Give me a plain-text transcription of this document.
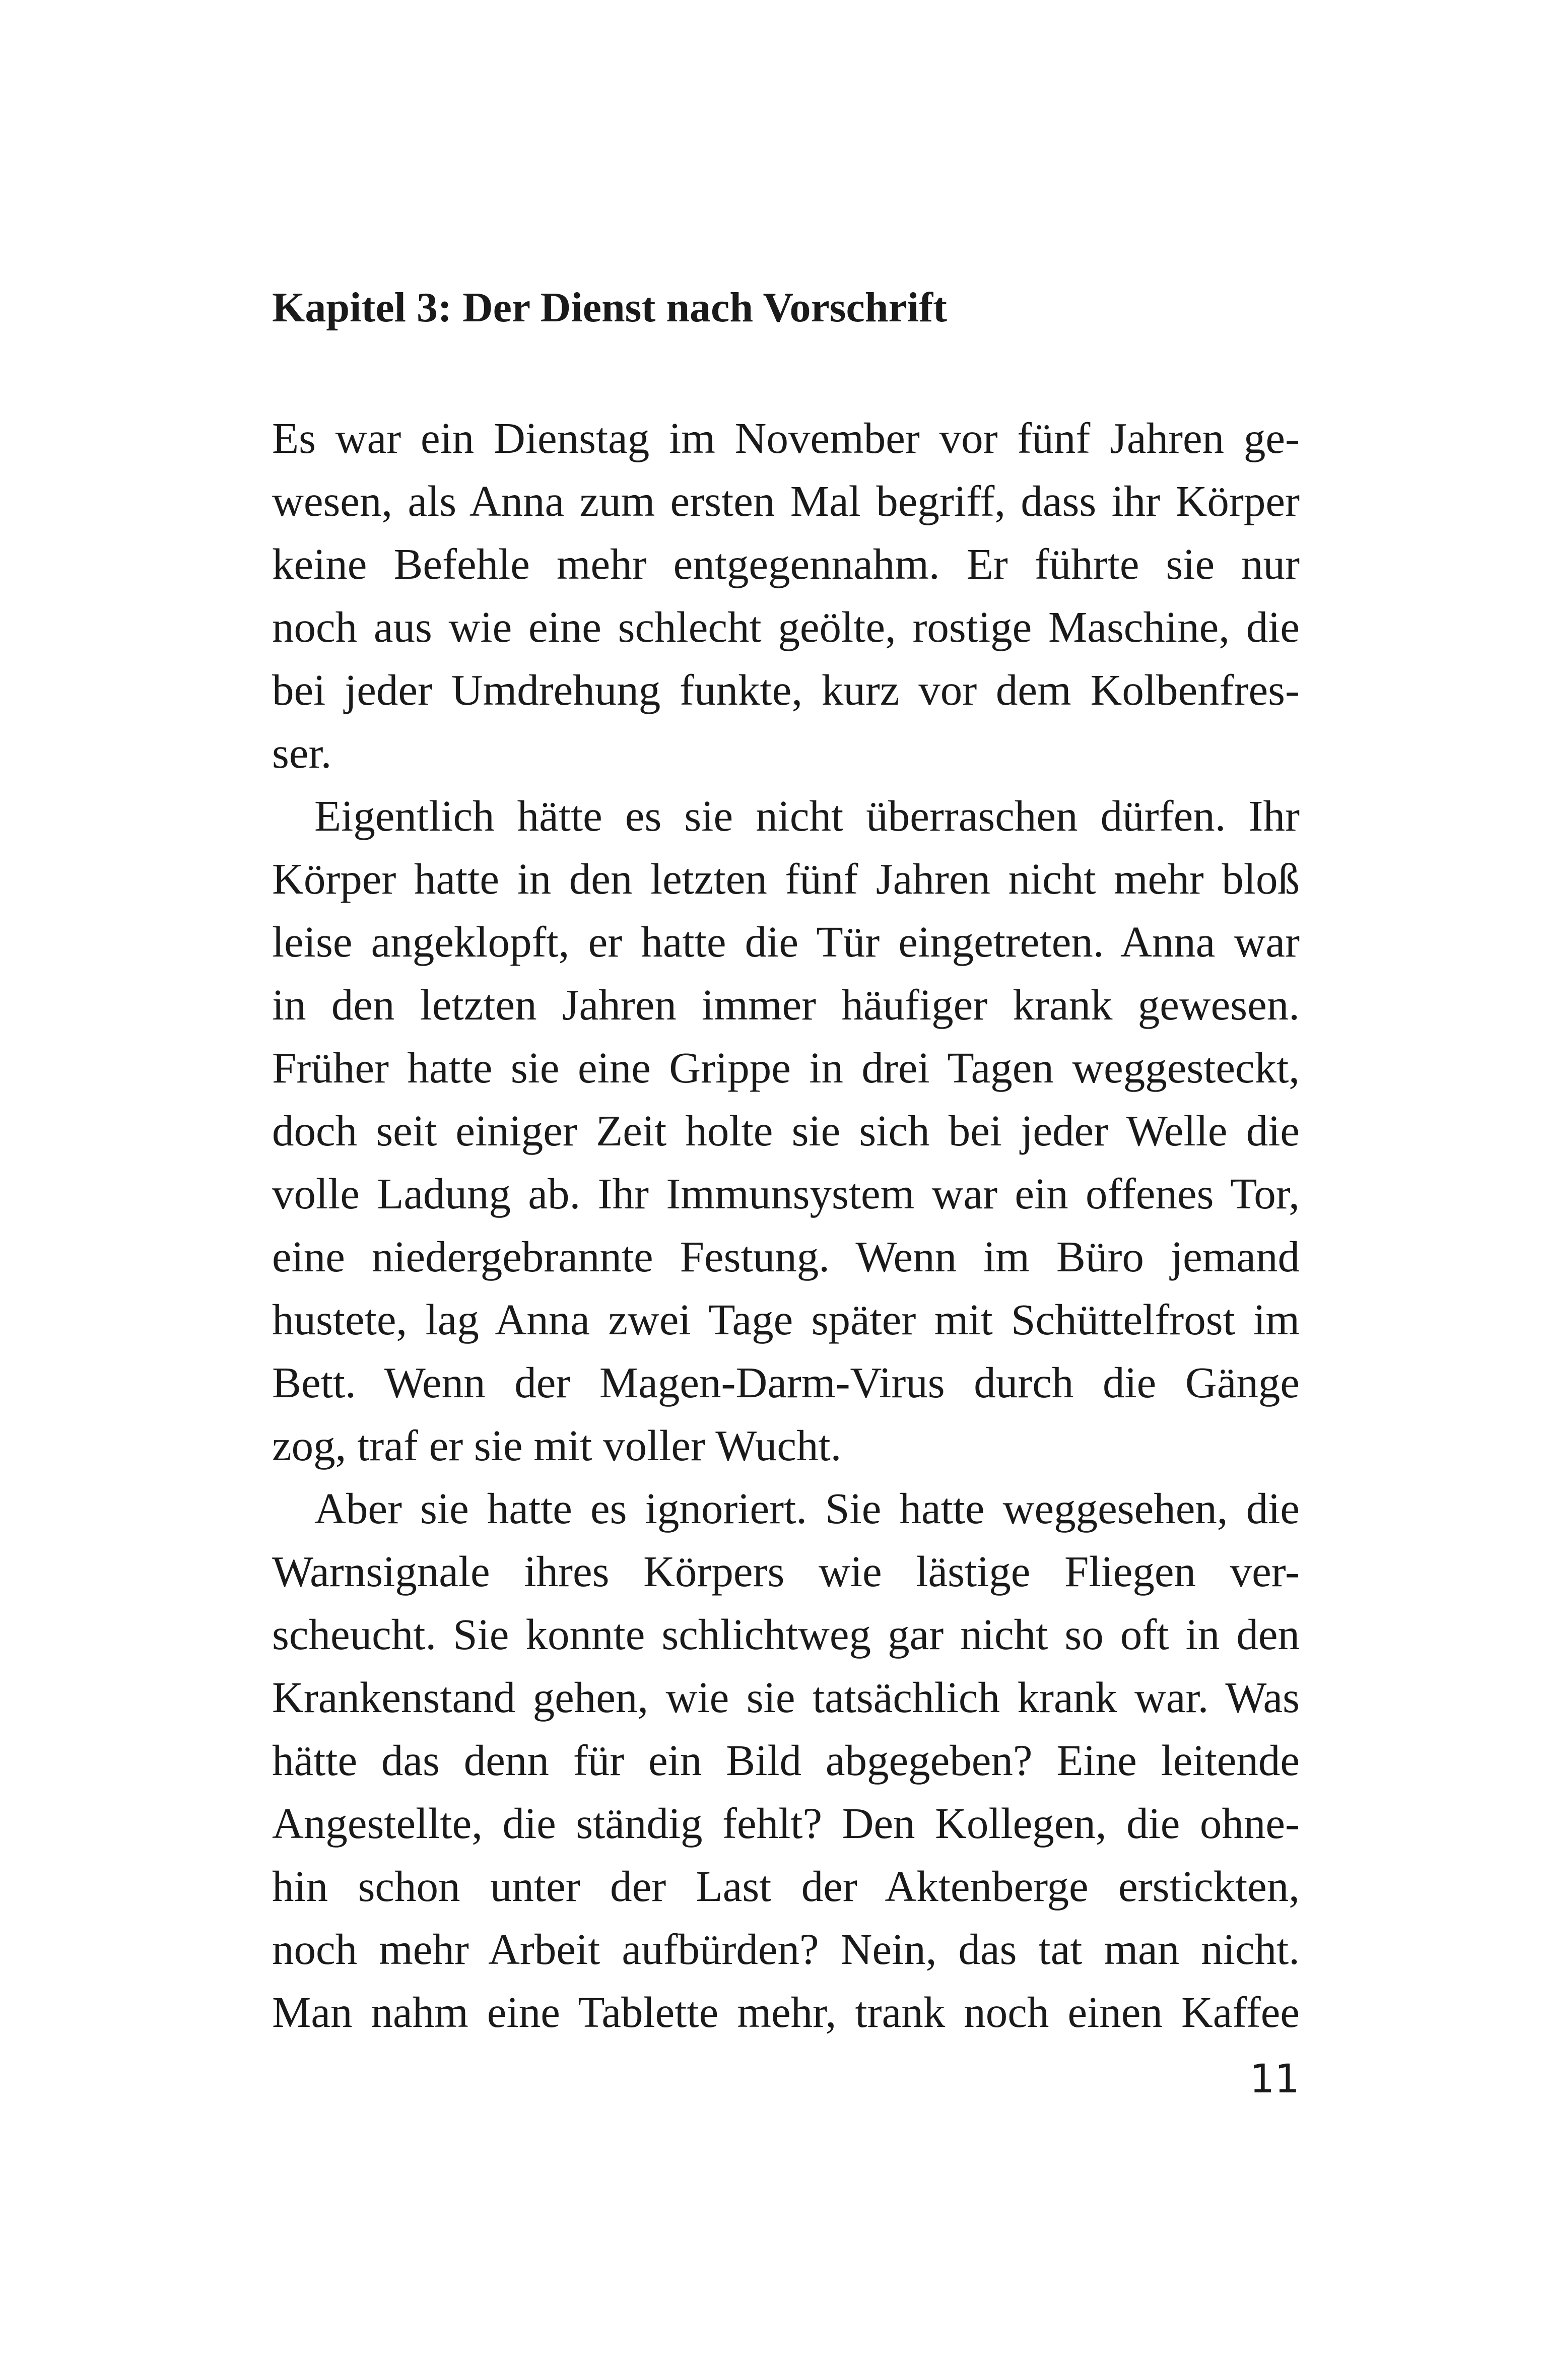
Kapitel 3: Der Dienst nach Vorschrift
Es war ein Dienstag im November vor fünf Jahren ge-
wesen, als Anna zum ersten Mal begriff, dass ihr Körper
keine Befehle mehr entgegennahm. Er führte sie nur
noch aus wie eine schlecht geölte, rostige Maschine, die
bei jeder Umdrehung funkte, kurz vor dem Kolbenfres-
ser.
Eigentlich hätte es sie nicht überraschen dürfen. Ihr
Körper hatte in den letzten fünf Jahren nicht mehr bloß
leise angeklopft, er hatte die Tür eingetreten. Anna war
in den letzten Jahren immer häufiger krank gewesen.
Früher hatte sie eine Grippe in drei Tagen weggesteckt,
doch seit einiger Zeit holte sie sich bei jeder Welle die
volle Ladung ab. Ihr Immunsystem war ein offenes Tor,
eine niedergebrannte Festung. Wenn im Büro jemand
hustete, lag Anna zwei Tage später mit Schüttelfrost im
Bett. Wenn der Magen-Darm-Virus durch die Gänge
zog, traf er sie mit voller Wucht.
Aber sie hatte es ignoriert. Sie hatte weggesehen, die
Warnsignale ihres Körpers wie lästige Fliegen ver-
scheucht. Sie konnte schlichtweg gar nicht so oft in den
Krankenstand gehen, wie sie tatsächlich krank war. Was
hätte das denn für ein Bild abgegeben? Eine leitende
Angestellte, die ständig fehlt? Den Kollegen, die ohne-
hin schon unter der Last der Aktenberge erstickten,
noch mehr Arbeit aufbürden? Nein, das tat man nicht.
Man nahm eine Tablette mehr, trank noch einen Kaffee
11
